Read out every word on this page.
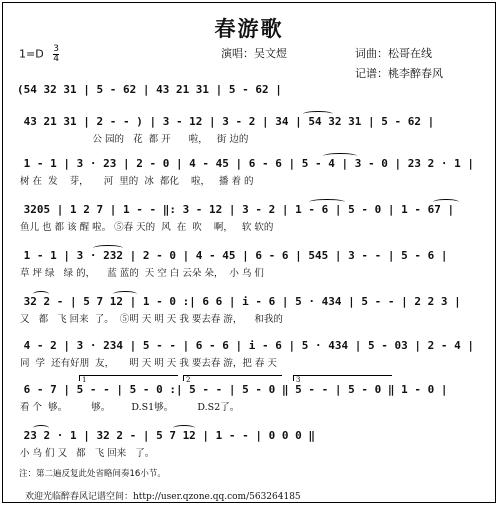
春游歌
$1=D \frac{3}{4}$	演唱：吴文煜	词曲：松哥在线
记谱：桃李醉春风
(54 32 31 | 5 - 62 | 43 21 31 | 5 - 62 |
43 21 31 | 2 - - ) | 3 - 12 | 3 - 2 | 34 | 54 32 31 | 5 - 62 |
公 园的   花  都 开      啦，   街 边的
1 - 1 | 3 · 23 | 2 - 0 | 4 - 45 | 6 - 6 | 5 - 4 | 3 - 0 | 23 2 · 1 |
树 在  发    芽，     河  里的  冰  都化    啦，   播 着 的
3205 | 1 2 7 | 1 - - ‖: 3 - 12 | 3 - 2 | 1 - 6 | 5 - 0 | 1 - 67 |
鱼儿 也 都 该 醒 啦。 ⑤春 天的  风  在  吹    啊，   软 软的
1 - 1 | 3 · 232 | 2 - 0 | 4 - 45 | 6 - 6 | 545 | 3 - - | 5 - 6 |
草 坪 绿   绿 的，    蓝 蓝的  天 空 白 云朵 朵，  小 乌 们
32 2 - | 5 7 12 | 1 - 0 :| 6 6 | i - 6 | 5 · 434 | 5 - - | 2 2 3 |
又   都   飞 回来  了。  ⑤明 天 明 天 我 要去春 游，    和我的
4 - 2 | 3 · 234 | 5 - - | 6 - 6 | i - 6 | 5 · 434 | 5 - 03 | 2 - 4 |
同  学  还有好朋  友，     明 天 明 天 我 要去春 游，把 春 天
6 - 7 | 5 - - | 5 - 0 :| 5 - - | 5 - 0 ‖ 5 - - | 5 - 0 ‖ 1 - 0 |
看 个  够。        够。       D.S1够。        D.S2了。
23 2 · 1 | 32 2 - | 5 7 12 | 1 - - | 0 0 0 ‖
小 乌 们 又   都   飞 回来   了。
1	2	3
注：第二遍反复此处省略间奏16小节。
欢迎光临醉春风记谱空间：http://user.qzone.qq.com/563264185
